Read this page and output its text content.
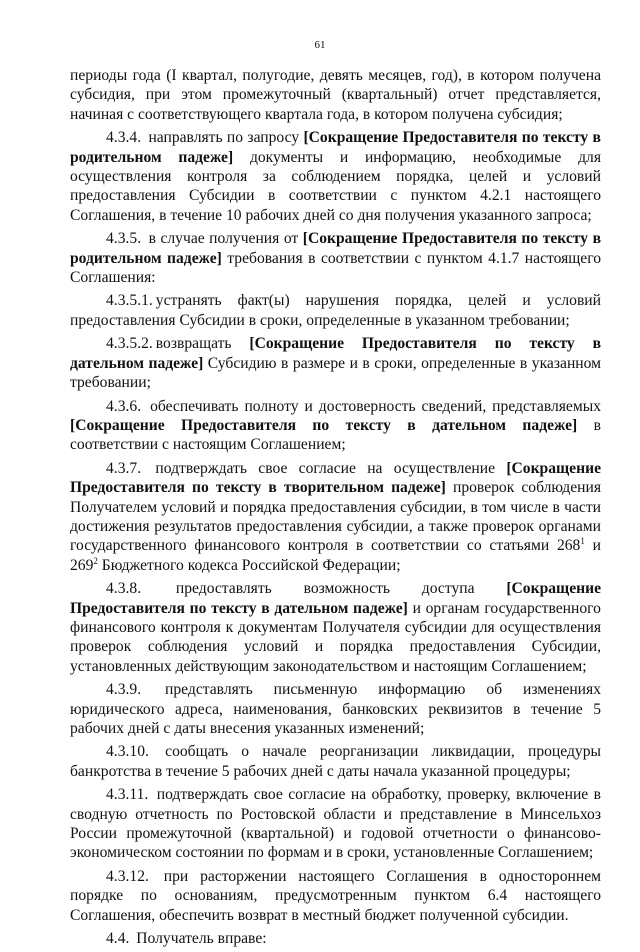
61

периоды года (I квартал, полугодие, девять месяцев, год), в котором получена субсидия, при этом промежуточный (квартальный) отчет представляется, начиная с соответствующего квартала года, в котором получена субсидия;

4.3.4. направлять по запросу [Сокращение Предоставителя по тексту в родительном падеже] документы и информацию, необходимые для осуществления контроля за соблюдением порядка, целей и условий предоставления Субсидии в соответствии с пунктом 4.2.1 настоящего Соглашения, в течение 10 рабочих дней со дня получения указанного запроса;

4.3.5. в случае получения от [Сокращение Предоставителя по тексту в родительном падеже] требования в соответствии с пунктом 4.1.7 настоящего Соглашения:

4.3.5.1. устранять факт(ы) нарушения порядка, целей и условий предоставления Субсидии в сроки, определенные в указанном требовании;

4.3.5.2. возвращать [Сокращение Предоставителя по тексту в дательном падеже] Субсидию в размере и в сроки, определенные в указанном требовании;

4.3.6. обеспечивать полноту и достоверность сведений, представляемых [Сокращение Предоставителя по тексту в дательном падеже] в соответствии с настоящим Соглашением;

4.3.7. подтверждать свое согласие на осуществление [Сокращение Предоставителя по тексту в творительном падеже] проверок соблюдения Получателем условий и порядка предоставления субсидии, в том числе в части достижения результатов предоставления субсидии, а также проверок органами государственного финансового контроля в соответствии со статьями $268^1$ и $269^2$ Бюджетного кодекса Российской Федерации;

4.3.8. предоставлять возможность доступа [Сокращение Предоставителя по тексту в дательном падеже] и органам государственного финансового контроля к документам Получателя субсидии для осуществления проверок соблюдения условий и порядка предоставления Субсидии, установленных действующим законодательством и настоящим Соглашением;

4.3.9. представлять письменную информацию об изменениях юридического адреса, наименования, банковских реквизитов в течение 5 рабочих дней с даты внесения указанных изменений;

4.3.10. сообщать о начале реорганизации ликвидации, процедуры банкротства в течение 5 рабочих дней с даты начала указанной процедуры;

4.3.11. подтверждать свое согласие на обработку, проверку, включение в сводную отчетность по Ростовской области и представление в Минсельхоз России промежуточной (квартальной) и годовой отчетности о финансово-экономическом состоянии по формам и в сроки, установленные Соглашением;

4.3.12. при расторжении настоящего Соглашения в одностороннем порядке по основаниям, предусмотренным пунктом 6.4 настоящего Соглашения, обеспечить возврат в местный бюджет полученной субсидии.

4.4. Получатель вправе:
